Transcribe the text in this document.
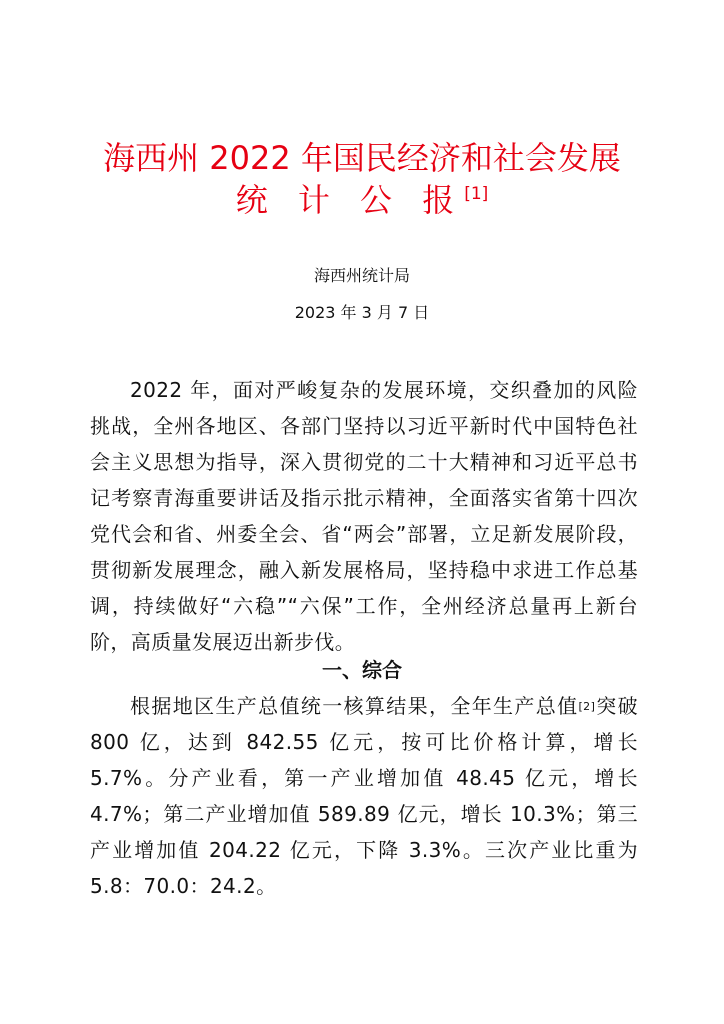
海西州 2022 年国民经济和社会发展
统 计 公 报[1]
海西州统计局
2023 年 3 月 7 日

2022 年，面对严峻复杂的发展环境，交织叠加的风险挑战，全州各地区、各部门坚持以习近平新时代中国特色社会主义思想为指导，深入贯彻党的二十大精神和习近平总书记考察青海重要讲话及指示批示精神，全面落实省第十四次党代会和省、州委全会、省“两会”部署，立足新发展阶段，贯彻新发展理念，融入新发展格局，坚持稳中求进工作总基调，持续做好“六稳”“六保”工作，全州经济总量再上新台阶，高质量发展迈出新步伐。

一、综合

根据地区生产总值统一核算结果，全年生产总值[2]突破 800 亿，达到 842.55 亿元，按可比价格计算，增长 5.7%。分产业看，第一产业增加值 48.45 亿元，增长 4.7%；第二产业增加值 589.89 亿元，增长 10.3%；第三产业增加值 204.22 亿元，下降 3.3%。三次产业比重为 5.8：70.0：24.2。
